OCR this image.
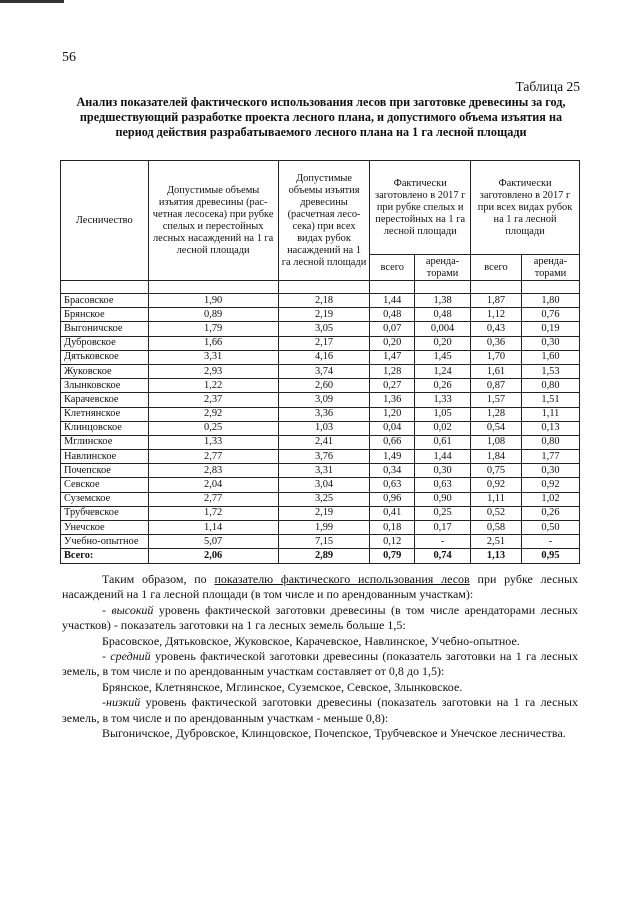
56
Таблица 25
Анализ показателей фактического использования лесов при заготовке древесины за год, предшествующий разработке проекта лесного плана, и допустимого объема изъятия на период действия разрабатываемого лесного плана на 1 га лесной площади
Лесничество	Допустимые объемы изъятия древесины (рас-четная лесосека) при рубке спелых и перестойных лесных насаждений на 1 га лесной площади	Допустимые объемы изъятия древесины (расчетная лесо-сека) при всех видах рубок насаждений на 1 га лесной площади	Фактически заготовлено в 2017 г при рубке спелых и перестойных на 1 га лесной площади		Фактически заготовлено в 2017 г при всех видах рубок на 1 га лесной площади	
			всего	аренда-торами	всего	аренда-торами

Брасовское	1,90	2,18	1,44	1,38	1,87	1,80
Брянское	0,89	2,19	0,48	0,48	1,12	0,76
Выгоничское	1,79	3,05	0,07	0,004	0,43	0,19
Дубровское	1,66	2,17	0,20	0,20	0,36	0,30
Дятьковское	3,31	4,16	1,47	1,45	1,70	1,60
Жуковское	2,93	3,74	1,28	1,24	1,61	1,53
Злынковское	1,22	2,60	0,27	0,26	0,87	0,80
Карачевское	2,37	3,09	1,36	1,33	1,57	1,51
Клетнянское	2,92	3,36	1,20	1,05	1,28	1,11
Клинцовское	0,25	1,03	0,04	0,02	0,54	0,13
Мглинское	1,33	2,41	0,66	0,61	1,08	0,80
Навлинское	2,77	3,76	1,49	1,44	1,84	1,77
Почепское	2,83	3,31	0,34	0,30	0,75	0,30
Севское	2,04	3,04	0,63	0,63	0,92	0,92
Суземское	2,77	3,25	0,96	0,90	1,11	1,02
Трубчевское	1,72	2,19	0,41	0,25	0,52	0,26
Унечское	1,14	1,99	0,18	0,17	0,58	0,50
Учебно-опытное	5,07	7,15	0,12	-	2,51	-
Всего:	2,06	2,89	0,79	0,74	1,13	0,95

Таким образом, по показателю фактического использования лесов при рубке лесных насаждений на 1 га лесной площади (в том числе и по арендованным участкам):

- высокий уровень фактической заготовки древесины (в том числе арендаторами лесных участков) - показатель заготовки на 1 га лесных земель больше 1,5:

Брасовское, Дятьковское, Жуковское, Карачевское, Навлинское, Учебно-опытное.

- средний уровень фактической заготовки древесины (показатель заготовки на 1 га лесных земель, в том числе и по арендованным участкам составляет от 0,8 до 1,5):

Брянское, Клетнянское, Мглинское, Суземское, Севское, Злынковское.

-низкий уровень фактической заготовки древесины (показатель заготовки на 1 га лесных земель, в том числе и по арендованным участкам - меньше 0,8):

Выгоничское, Дубровское, Клинцовское, Почепское, Трубчевское и Унечское лесничества.
